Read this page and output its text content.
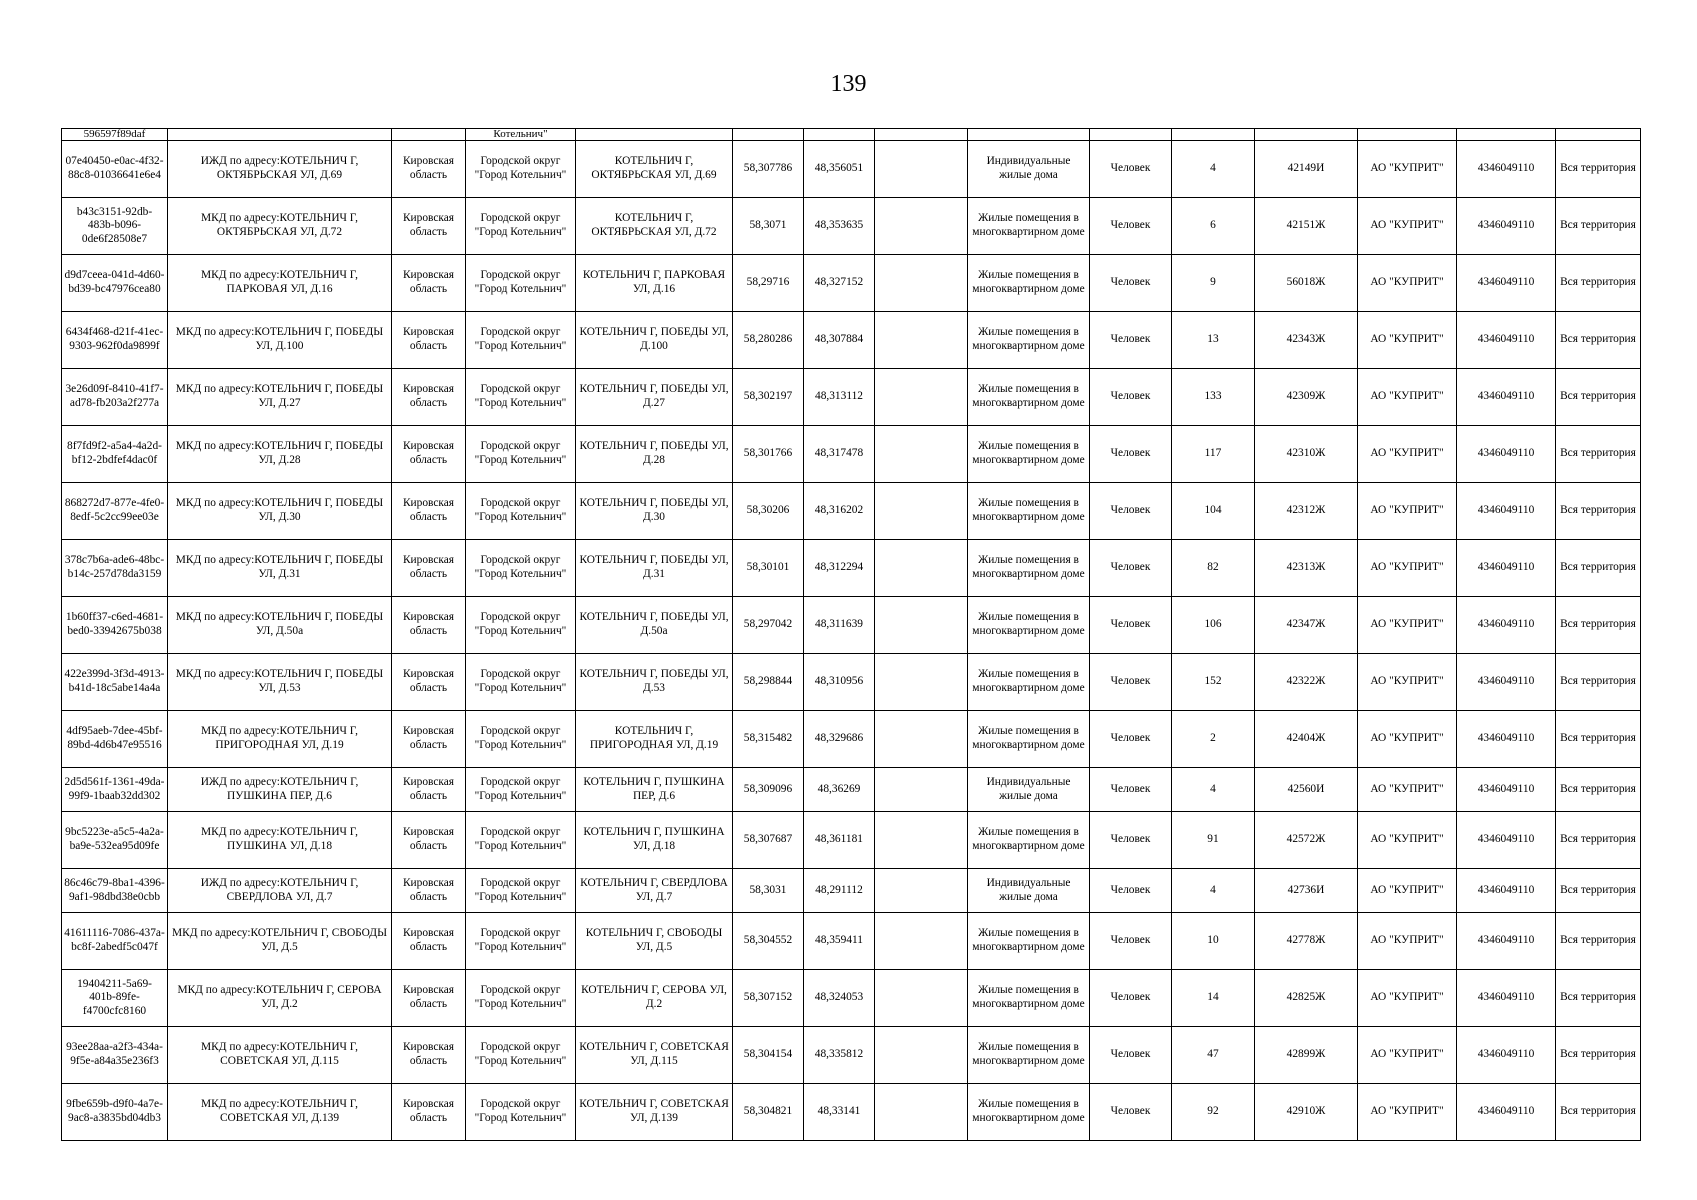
139
596597f89daf			Котельнич"											
07e40450-e0ac-4f32-88c8-01036641e6e4	ИЖД по адресу:КОТЕЛЬНИЧ Г, ОКТЯБРЬСКАЯ УЛ, Д.69	Кировская область	Городской округ "Город Котельнич"	КОТЕЛЬНИЧ Г, ОКТЯБРЬСКАЯ УЛ, Д.69	58,307786	48,356051		Индивидуальные жилые дома	Человек	4	42149И	АО "КУПРИТ"	4346049110	Вся территория
b43c3151-92db-483b-b096-0de6f28508e7	МКД по адресу:КОТЕЛЬНИЧ Г, ОКТЯБРЬСКАЯ УЛ, Д.72	Кировская область	Городской округ "Город Котельнич"	КОТЕЛЬНИЧ Г, ОКТЯБРЬСКАЯ УЛ, Д.72	58,3071	48,353635		Жилые помещения в многоквартирном доме	Человек	6	42151Ж	АО "КУПРИТ"	4346049110	Вся территория
d9d7ceea-041d-4d60-bd39-bc47976cea80	МКД по адресу:КОТЕЛЬНИЧ Г, ПАРКОВАЯ УЛ, Д.16	Кировская область	Городской округ "Город Котельнич"	КОТЕЛЬНИЧ Г, ПАРКОВАЯ УЛ, Д.16	58,29716	48,327152		Жилые помещения в многоквартирном доме	Человек	9	56018Ж	АО "КУПРИТ"	4346049110	Вся территория
6434f468-d21f-41ec-9303-962f0da9899f	МКД по адресу:КОТЕЛЬНИЧ Г, ПОБЕДЫ УЛ, Д.100	Кировская область	Городской округ "Город Котельнич"	КОТЕЛЬНИЧ Г, ПОБЕДЫ УЛ, Д.100	58,280286	48,307884		Жилые помещения в многоквартирном доме	Человек	13	42343Ж	АО "КУПРИТ"	4346049110	Вся территория
3e26d09f-8410-41f7-ad78-fb203a2f277a	МКД по адресу:КОТЕЛЬНИЧ Г, ПОБЕДЫ УЛ, Д.27	Кировская область	Городской округ "Город Котельнич"	КОТЕЛЬНИЧ Г, ПОБЕДЫ УЛ, Д.27	58,302197	48,313112		Жилые помещения в многоквартирном доме	Человек	133	42309Ж	АО "КУПРИТ"	4346049110	Вся территория
8f7fd9f2-a5a4-4a2d-bf12-2bdfef4dac0f	МКД по адресу:КОТЕЛЬНИЧ Г, ПОБЕДЫ УЛ, Д.28	Кировская область	Городской округ "Город Котельнич"	КОТЕЛЬНИЧ Г, ПОБЕДЫ УЛ, Д.28	58,301766	48,317478		Жилые помещения в многоквартирном доме	Человек	117	42310Ж	АО "КУПРИТ"	4346049110	Вся территория
868272d7-877e-4fe0-8edf-5c2cc99ee03e	МКД по адресу:КОТЕЛЬНИЧ Г, ПОБЕДЫ УЛ, Д.30	Кировская область	Городской округ "Город Котельнич"	КОТЕЛЬНИЧ Г, ПОБЕДЫ УЛ, Д.30	58,30206	48,316202		Жилые помещения в многоквартирном доме	Человек	104	42312Ж	АО "КУПРИТ"	4346049110	Вся территория
378c7b6a-ade6-48bc-b14c-257d78da3159	МКД по адресу:КОТЕЛЬНИЧ Г, ПОБЕДЫ УЛ, Д.31	Кировская область	Городской округ "Город Котельнич"	КОТЕЛЬНИЧ Г, ПОБЕДЫ УЛ, Д.31	58,30101	48,312294		Жилые помещения в многоквартирном доме	Человек	82	42313Ж	АО "КУПРИТ"	4346049110	Вся территория
1b60ff37-c6ed-4681-bed0-33942675b038	МКД по адресу:КОТЕЛЬНИЧ Г, ПОБЕДЫ УЛ, Д.50а	Кировская область	Городской округ "Город Котельнич"	КОТЕЛЬНИЧ Г, ПОБЕДЫ УЛ, Д.50а	58,297042	48,311639		Жилые помещения в многоквартирном доме	Человек	106	42347Ж	АО "КУПРИТ"	4346049110	Вся территория
422e399d-3f3d-4913-b41d-18c5abe14a4a	МКД по адресу:КОТЕЛЬНИЧ Г, ПОБЕДЫ УЛ, Д.53	Кировская область	Городской округ "Город Котельнич"	КОТЕЛЬНИЧ Г, ПОБЕДЫ УЛ, Д.53	58,298844	48,310956		Жилые помещения в многоквартирном доме	Человек	152	42322Ж	АО "КУПРИТ"	4346049110	Вся территория
4df95aeb-7dee-45bf-89bd-4d6b47e95516	МКД по адресу:КОТЕЛЬНИЧ Г, ПРИГОРОДНАЯ УЛ, Д.19	Кировская область	Городской округ "Город Котельнич"	КОТЕЛЬНИЧ Г, ПРИГОРОДНАЯ УЛ, Д.19	58,315482	48,329686		Жилые помещения в многоквартирном доме	Человек	2	42404Ж	АО "КУПРИТ"	4346049110	Вся территория
2d5d561f-1361-49da-99f9-1baab32dd302	ИЖД по адресу:КОТЕЛЬНИЧ Г, ПУШКИНА ПЕР, Д.6	Кировская область	Городской округ "Город Котельнич"	КОТЕЛЬНИЧ Г, ПУШКИНА ПЕР, Д.6	58,309096	48,36269		Индивидуальные жилые дома	Человек	4	42560И	АО "КУПРИТ"	4346049110	Вся территория
9bc5223e-a5c5-4a2a-ba9e-532ea95d09fe	МКД по адресу:КОТЕЛЬНИЧ Г, ПУШКИНА УЛ, Д.18	Кировская область	Городской округ "Город Котельнич"	КОТЕЛЬНИЧ Г, ПУШКИНА УЛ, Д.18	58,307687	48,361181		Жилые помещения в многоквартирном доме	Человек	91	42572Ж	АО "КУПРИТ"	4346049110	Вся территория
86c46c79-8ba1-4396-9af1-98dbd38e0cbb	ИЖД по адресу:КОТЕЛЬНИЧ Г, СВЕРДЛОВА УЛ, Д.7	Кировская область	Городской округ "Город Котельнич"	КОТЕЛЬНИЧ Г, СВЕРДЛОВА УЛ, Д.7	58,3031	48,291112		Индивидуальные жилые дома	Человек	4	42736И	АО "КУПРИТ"	4346049110	Вся территория
41611116-7086-437a-bc8f-2abedf5c047f	МКД по адресу:КОТЕЛЬНИЧ Г, СВОБОДЫ УЛ, Д.5	Кировская область	Городской округ "Город Котельнич"	КОТЕЛЬНИЧ Г, СВОБОДЫ УЛ, Д.5	58,304552	48,359411		Жилые помещения в многоквартирном доме	Человек	10	42778Ж	АО "КУПРИТ"	4346049110	Вся территория
19404211-5a69-401b-89fe-f4700cfc8160	МКД по адресу:КОТЕЛЬНИЧ Г, СЕРОВА УЛ, Д.2	Кировская область	Городской округ "Город Котельнич"	КОТЕЛЬНИЧ Г, СЕРОВА УЛ, Д.2	58,307152	48,324053		Жилые помещения в многоквартирном доме	Человек	14	42825Ж	АО "КУПРИТ"	4346049110	Вся территория
93ee28aa-a2f3-434a-9f5e-a84a35e236f3	МКД по адресу:КОТЕЛЬНИЧ Г, СОВЕТСКАЯ УЛ, Д.115	Кировская область	Городской округ "Город Котельнич"	КОТЕЛЬНИЧ Г, СОВЕТСКАЯ УЛ, Д.115	58,304154	48,335812		Жилые помещения в многоквартирном доме	Человек	47	42899Ж	АО "КУПРИТ"	4346049110	Вся территория
9fbe659b-d9f0-4a7e-9ac8-a3835bd04db3	МКД по адресу:КОТЕЛЬНИЧ Г, СОВЕТСКАЯ УЛ, Д.139	Кировская область	Городской округ "Город Котельнич"	КОТЕЛЬНИЧ Г, СОВЕТСКАЯ УЛ, Д.139	58,304821	48,33141		Жилые помещения в многоквартирном доме	Человек	92	42910Ж	АО "КУПРИТ"	4346049110	Вся территория
